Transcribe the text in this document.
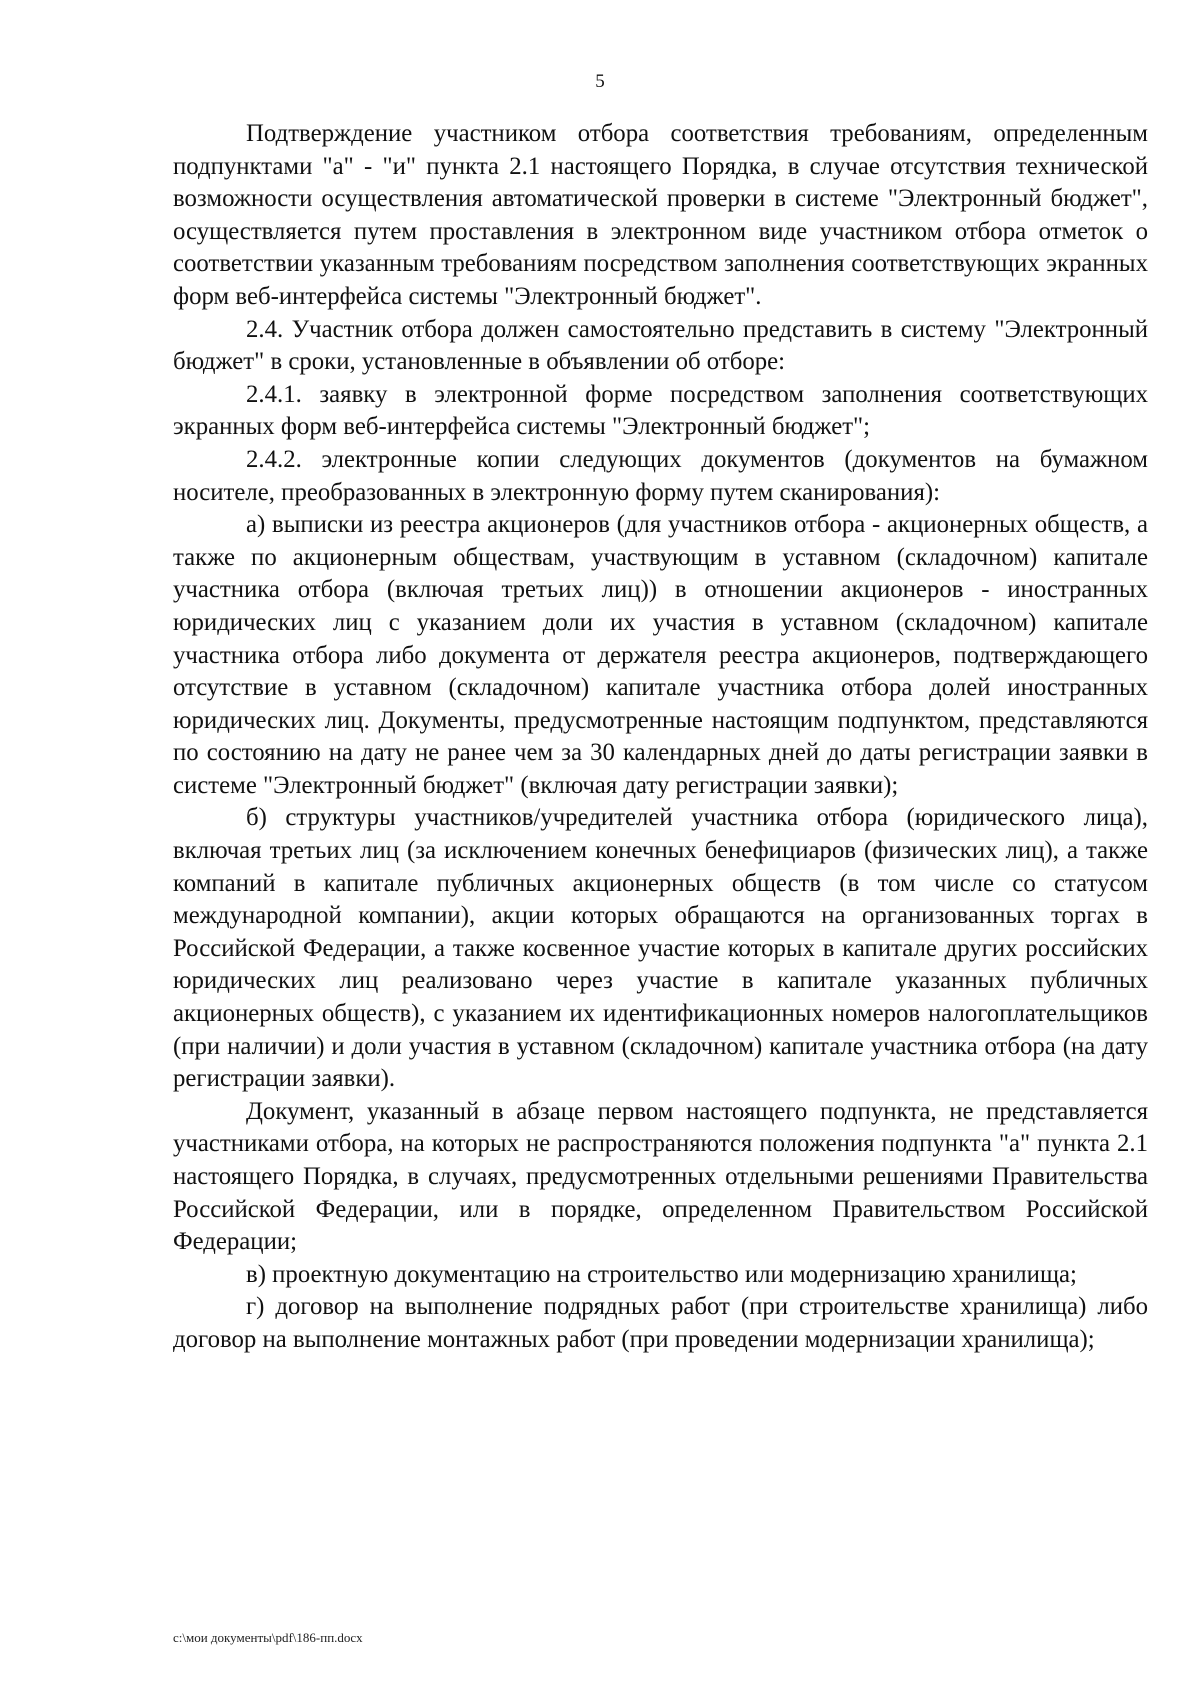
5

Подтверждение участником отбора соответствия требованиям, определенным подпунктами "а" - "и" пункта 2.1 настоящего Порядка, в случае отсутствия технической возможности осуществления автоматической проверки в системе "Электронный бюджет", осуществляется путем проставления в электронном виде участником отбора отметок о соответствии указанным требованиям посредством заполнения соответствующих экранных форм веб-интерфейса системы "Электронный бюджет".

2.4. Участник отбора должен самостоятельно представить в систему "Электронный бюджет" в сроки, установленные в объявлении об отборе:

2.4.1. заявку в электронной форме посредством заполнения соответствующих экранных форм веб-интерфейса системы "Электронный бюджет";

2.4.2. электронные копии следующих документов (документов на бумажном носителе, преобразованных в электронную форму путем сканирования):

а) выписки из реестра акционеров (для участников отбора - акционерных обществ, а также по акционерным обществам, участвующим в уставном (складочном) капитале участника отбора (включая третьих лиц)) в отношении акционеров - иностранных юридических лиц с указанием доли их участия в уставном (складочном) капитале участника отбора либо документа от держателя реестра акционеров, подтверждающего отсутствие в уставном (складочном) капитале участника отбора долей иностранных юридических лиц. Документы, предусмотренные настоящим подпунктом, представляются по состоянию на дату не ранее чем за 30 календарных дней до даты регистрации заявки в системе "Электронный бюджет" (включая дату регистрации заявки);

б) структуры участников/учредителей участника отбора (юридического лица), включая третьих лиц (за исключением конечных бенефициаров (физических лиц), а также компаний в капитале публичных акционерных обществ (в том числе со статусом международной компании), акции которых обращаются на организованных торгах в Российской Федерации, а также косвенное участие которых в капитале других российских юридических лиц реализовано через участие в капитале указанных публичных акционерных обществ), с указанием их идентификационных номеров налогоплательщиков (при наличии) и доли участия в уставном (складочном) капитале участника отбора (на дату регистрации заявки).

Документ, указанный в абзаце первом настоящего подпункта, не представляется участниками отбора, на которых не распространяются положения подпункта "а" пункта 2.1 настоящего Порядка, в случаях, предусмотренных отдельными решениями Правительства Российской Федерации, или в порядке, определенном Правительством Российской Федерации;

в) проектную документацию на строительство или модернизацию хранилища;

г) договор на выполнение подрядных работ (при строительстве хранилища) либо договор на выполнение монтажных работ (при проведении модернизации хранилища);

c:\мои документы\pdf\186-пп.docx
